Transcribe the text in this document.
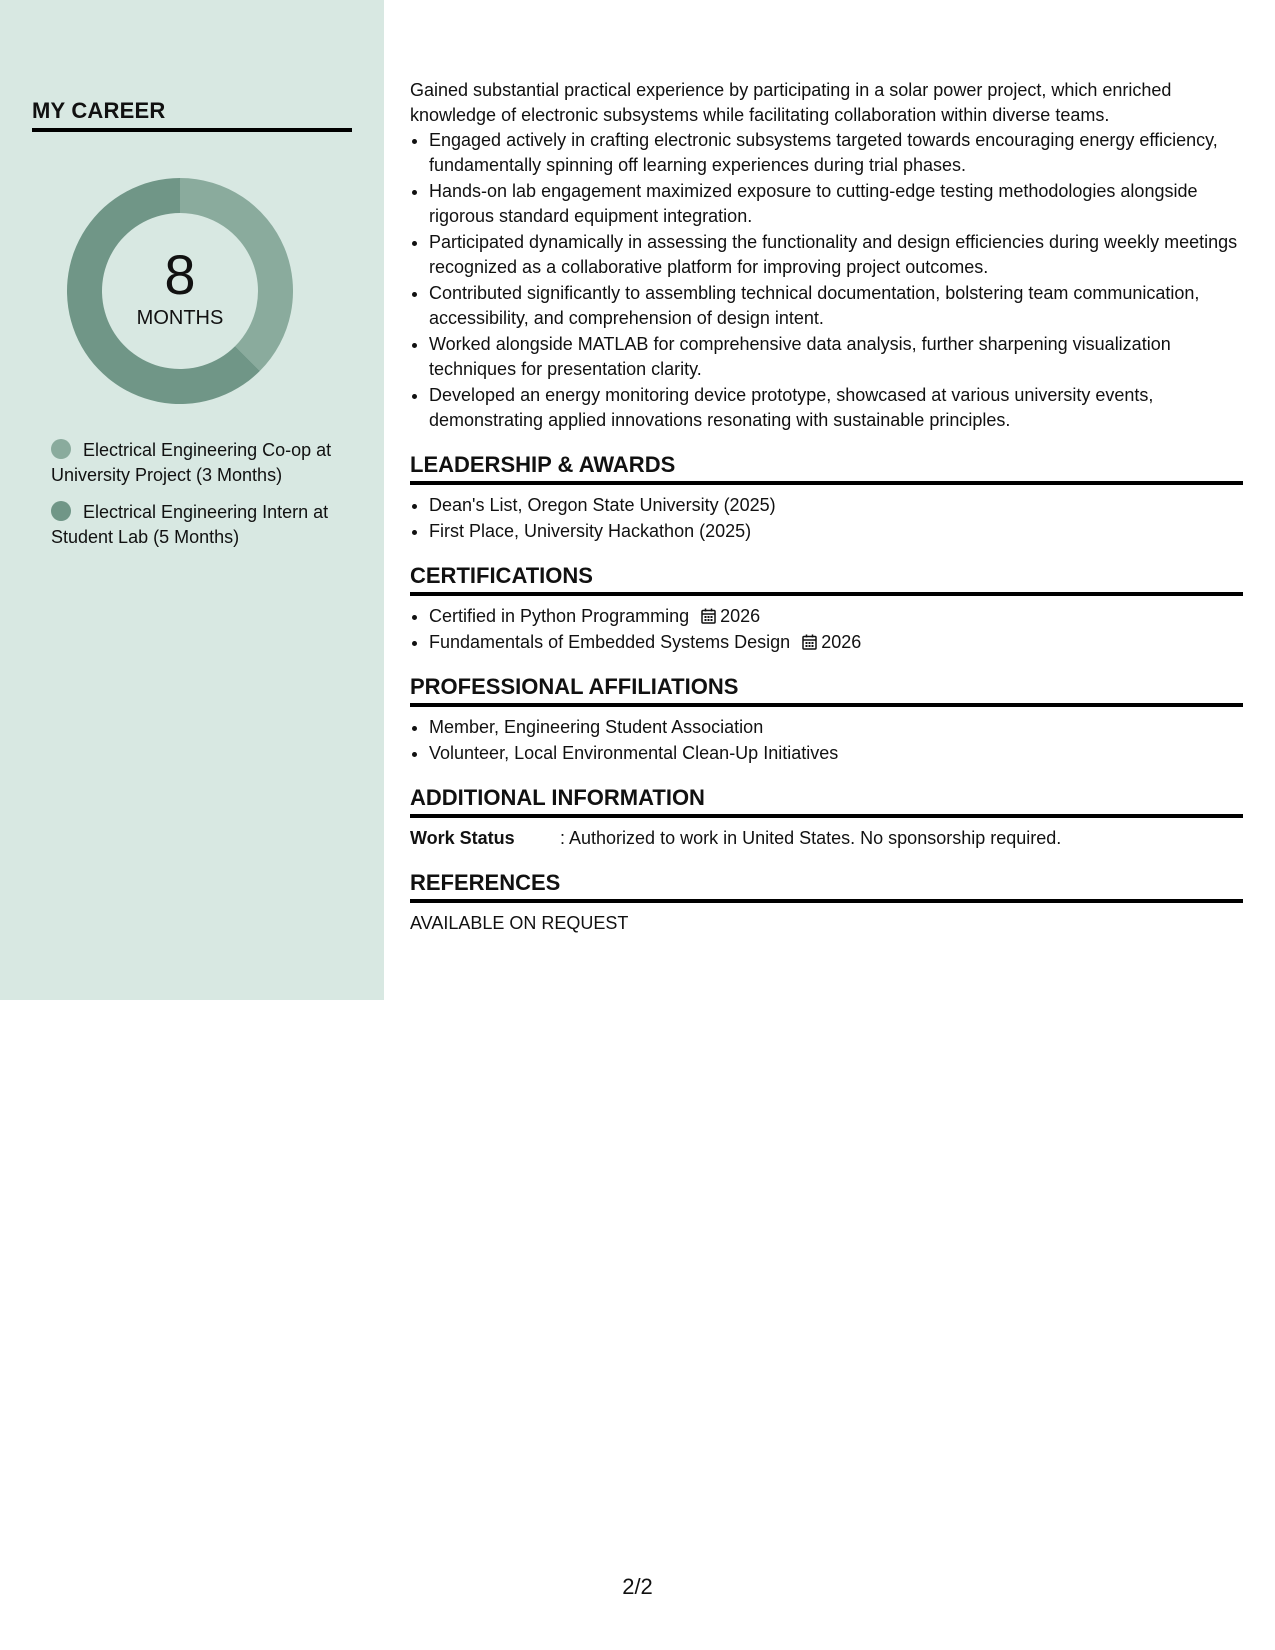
MY CAREER
8
MONTHS
Electrical Engineering Co-op at University Project (3 Months)
Electrical Engineering Intern at Student Lab (5 Months)

Gained substantial practical experience by participating in a solar power project, which enriched knowledge of electronic subsystems while facilitating collaboration within diverse teams.

• Engaged actively in crafting electronic subsystems targeted towards encouraging energy efficiency, fundamentally spinning off learning experiences during trial phases.
• Hands-on lab engagement maximized exposure to cutting-edge testing methodologies alongside rigorous standard equipment integration.
• Participated dynamically in assessing the functionality and design efficiencies during weekly meetings recognized as a collaborative platform for improving project outcomes.
• Contributed significantly to assembling technical documentation, bolstering team communication, accessibility, and comprehension of design intent.
• Worked alongside MATLAB for comprehensive data analysis, further sharpening visualization techniques for presentation clarity.
• Developed an energy monitoring device prototype, showcased at various university events, demonstrating applied innovations resonating with sustainable principles.
LEADERSHIP & AWARDS
• Dean's List, Oregon State University (2025)
• First Place, University Hackathon (2025)
CERTIFICATIONS
• Certified in Python Programming 2026
• Fundamentals of Embedded Systems Design 2026
PROFESSIONAL AFFILIATIONS
• Member, Engineering Student Association
• Volunteer, Local Environmental Clean-Up Initiatives
ADDITIONAL INFORMATION
Work Status	: Authorized to work in United States. No sponsorship required.
REFERENCES
AVAILABLE ON REQUEST
2/2
